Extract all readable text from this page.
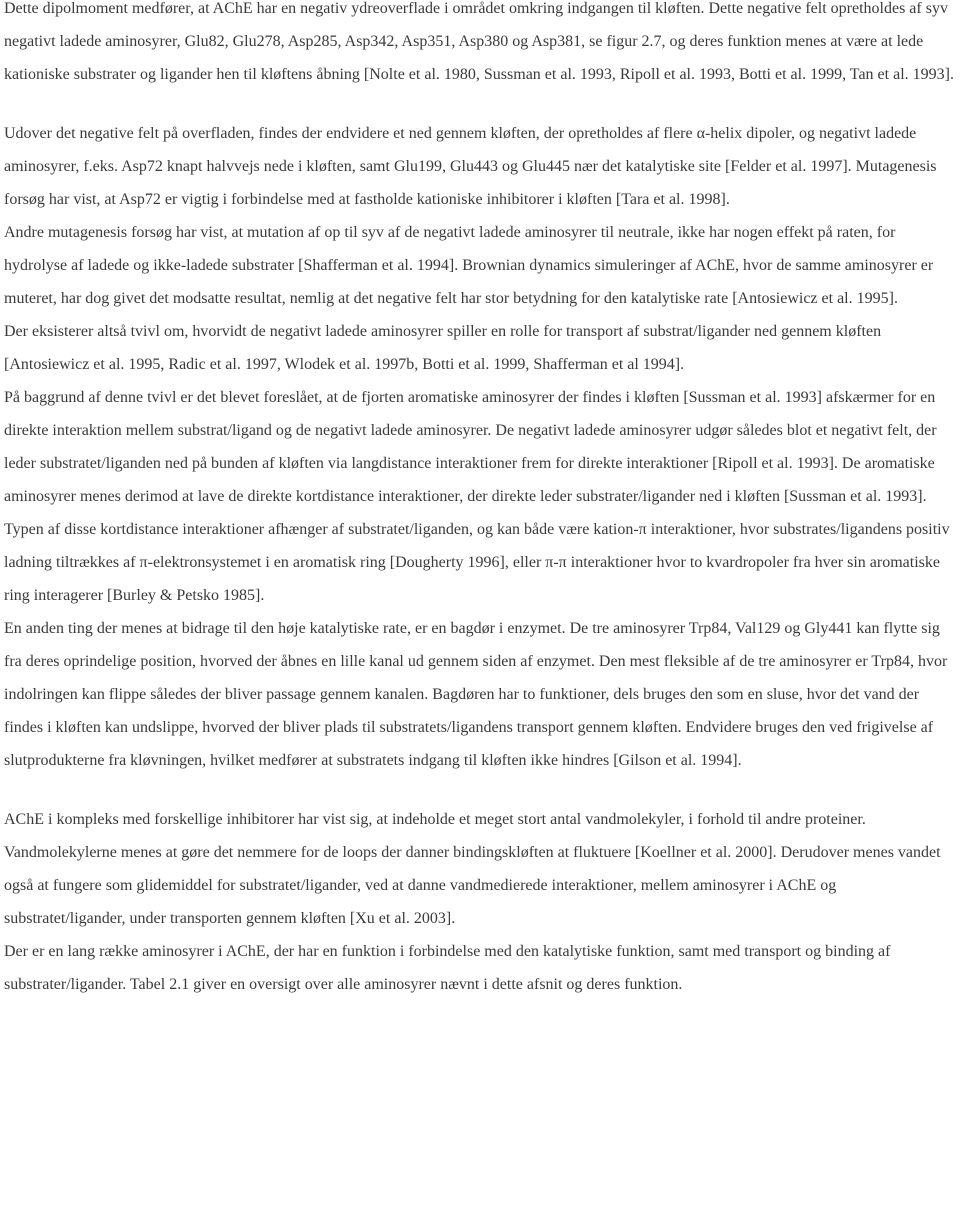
Dette dipolmoment medfører, at AChE har en negativ ydreoverflade i området omkring indgangen til kløften. Dette negative felt opretholdes af syv negativt ladede aminosyrer, Glu82, Glu278, Asp285, Asp342, Asp351, Asp380 og Asp381, se figur 2.7, og deres funktion menes at være at lede kationiske substrater og ligander hen til kløftens åbning [Nolte et al. 1980, Sussman et al. 1993, Ripoll et al. 1993, Botti et al. 1999, Tan et al. 1993].

Udover det negative felt på overfladen, findes der endvidere et ned gennem kløften, der opretholdes af flere α-helix dipoler, og negativt ladede aminosyrer, f.eks. Asp72 knapt halvvejs nede i kløften, samt Glu199, Glu443 og Glu445 nær det katalytiske site [Felder et al. 1997]. Mutagenesis forsøg har vist, at Asp72 er vigtig i forbindelse med at fastholde kationiske inhibitorer i kløften [Tara et al. 1998].

Andre mutagenesis forsøg har vist, at mutation af op til syv af de negativt ladede aminosyrer til neutrale, ikke har nogen effekt på raten, for hydrolyse af ladede og ikke-ladede substrater [Shafferman et al. 1994]. Brownian dynamics simuleringer af AChE, hvor de samme aminosyrer er muteret, har dog givet det modsatte resultat, nemlig at det negative felt har stor betydning for den katalytiske rate [Antosiewicz et al. 1995].

Der eksisterer altså tvivl om, hvorvidt de negativt ladede aminosyrer spiller en rolle for transport af substrat/ligander ned gennem kløften [Antosiewicz et al. 1995, Radic et al. 1997, Wlodek et al. 1997b, Botti et al. 1999, Shafferman et al 1994].

På baggrund af denne tvivl er det blevet foreslået, at de fjorten aromatiske aminosyrer der findes i kløften [Sussman et al. 1993] afskærmer for en direkte interaktion mellem substrat/ligand og de negativt ladede aminosyrer. De negativt ladede aminosyrer udgør således blot et negativt felt, der leder substratet/liganden ned på bunden af kløften via langdistance interaktioner frem for direkte interaktioner [Ripoll et al. 1993]. De aromatiske aminosyrer menes derimod at lave de direkte kortdistance interaktioner, der direkte leder substrater/ligander ned i kløften [Sussman et al. 1993]. Typen af disse kortdistance interaktioner afhænger af substratet/liganden, og kan både være kation-π interaktioner, hvor substrates/ligandens positiv ladning tiltrækkes af π-elektronsystemet i en aromatisk ring [Dougherty 1996], eller π-π interaktioner hvor to kvardropoler fra hver sin aromatiske ring interagerer [Burley & Petsko 1985].

En anden ting der menes at bidrage til den høje katalytiske rate, er en bagdør i enzymet. De tre aminosyrer Trp84, Val129 og Gly441 kan flytte sig fra deres oprindelige position, hvorved der åbnes en lille kanal ud gennem siden af enzymet. Den mest fleksible af de tre aminosyrer er Trp84, hvor indolringen kan flippe således der bliver passage gennem kanalen. Bagdøren har to funktioner, dels bruges den som en sluse, hvor det vand der findes i kløften kan undslippe, hvorved der bliver plads til substratets/ligandens transport gennem kløften. Endvidere bruges den ved frigivelse af slutprodukterne fra kløvningen, hvilket medfører at substratets indgang til kløften ikke hindres [Gilson et al. 1994].

AChE i kompleks med forskellige inhibitorer har vist sig, at indeholde et meget stort antal vandmolekyler, i forhold til andre proteiner. Vandmolekylerne menes at gøre det nemmere for de loops der danner bindingskløften at fluktuere [Koellner et al. 2000]. Derudover menes vandet også at fungere som glidemiddel for substratet/ligander, ved at danne vandmedierede interaktioner, mellem aminosyrer i AChE og substratet/ligander, under transporten gennem kløften [Xu et al. 2003].

Der er en lang række aminosyrer i AChE, der har en funktion i forbindelse med den katalytiske funktion, samt med transport og binding af substrater/ligander. Tabel 2.1 giver en oversigt over alle aminosyrer nævnt i dette afsnit og deres funktion.
